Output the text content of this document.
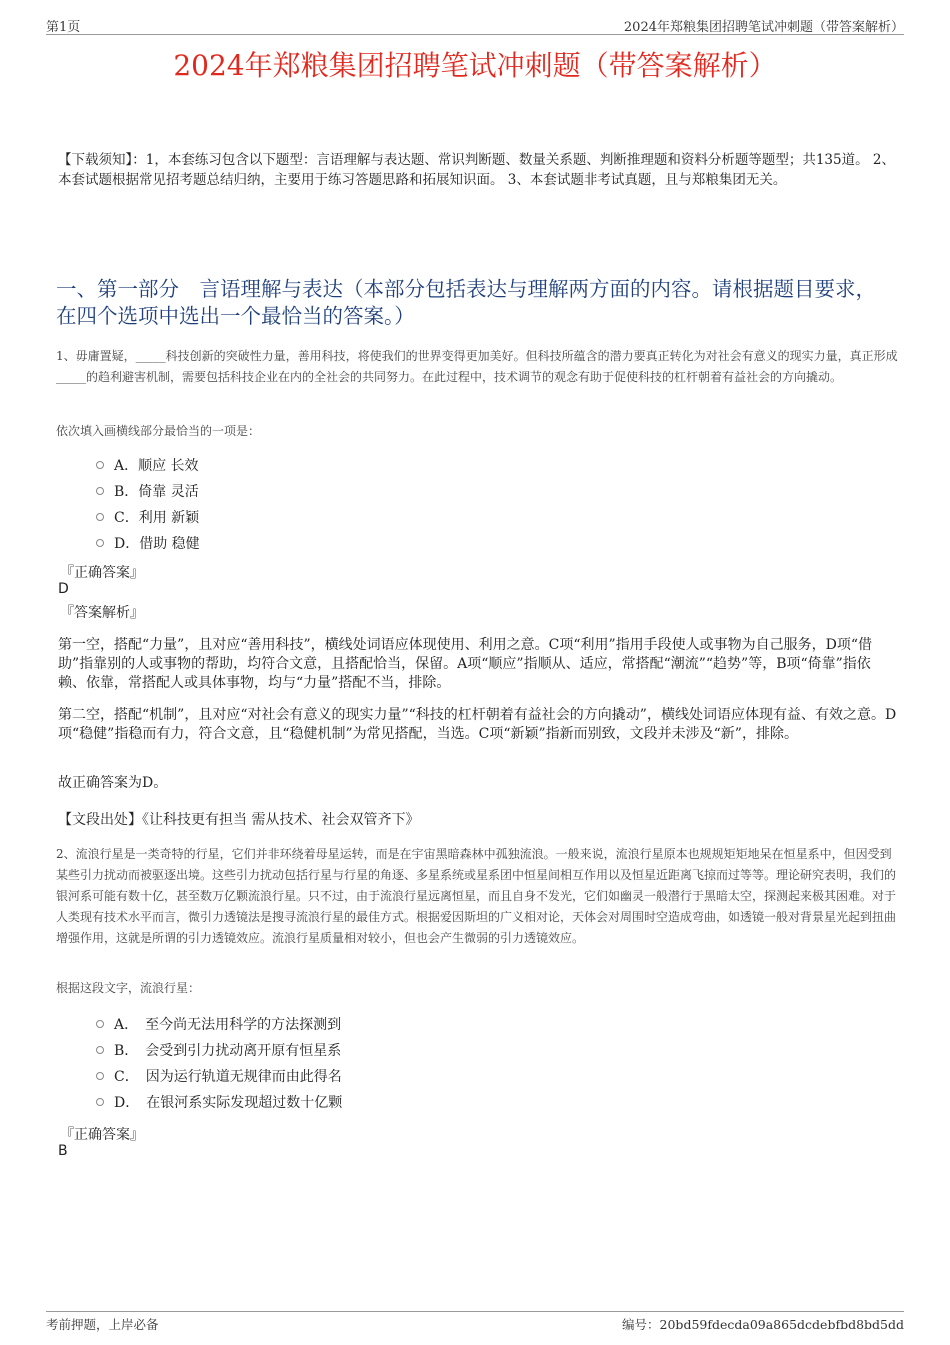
第1页	2024年郑粮集团招聘笔试冲刺题（带答案解析）
2024年郑粮集团招聘笔试冲刺题（带答案解析）
【下载须知】：1，本套练习包含以下题型：言语理解与表达题、常识判断题、数量关系题、判断推理题和资料分析题等题型；共135道。 2、本套试题根据常见招考题总结归纳，主要用于练习答题思路和拓展知识面。 3、本套试题非考试真题，且与郑粮集团无关。
一、第一部分　言语理解与表达（本部分包括表达与理解两方面的内容。请根据题目要求，在四个选项中选出一个最恰当的答案。）
1、毋庸置疑，_____科技创新的突破性力量，善用科技，将使我们的世界变得更加美好。但科技所蕴含的潜力要真正转化为对社会有意义的现实力量，真正形成_____的趋利避害机制，需要包括科技企业在内的全社会的共同努力。在此过程中，技术调节的观念有助于促使科技的杠杆朝着有益社会的方向撬动。
依次填入画横线部分最恰当的一项是：
A．顺应 长效
B．倚靠 灵活
C．利用 新颖
D．借助 稳健
『正确答案』
D
『答案解析』
第一空，搭配“力量”，且对应“善用科技”，横线处词语应体现使用、利用之意。C项“利用”指用手段使人或事物为自己服务，D项“借助”指靠别的人或事物的帮助，均符合文意，且搭配恰当，保留。A项“顺应”指顺从、适应，常搭配“潮流”“趋势”等，B项“倚靠”指依赖、依靠，常搭配人或具体事物，均与“力量”搭配不当，排除。
第二空，搭配“机制”，且对应“对社会有意义的现实力量”“科技的杠杆朝着有益社会的方向撬动”，横线处词语应体现有益、有效之意。D项“稳健”指稳而有力，符合文意，且“稳健机制”为常见搭配，当选。C项“新颖”指新而别致，文段并未涉及“新”，排除。
故正确答案为D。
【文段出处】《让科技更有担当 需从技术、社会双管齐下》
2、流浪行星是一类奇特的行星，它们并非环绕着母星运转，而是在宇宙黑暗森林中孤独流浪。一般来说，流浪行星原本也规规矩矩地呆在恒星系中，但因受到某些引力扰动而被驱逐出境。这些引力扰动包括行星与行星的角逐、多星系统或星系团中恒星间相互作用以及恒星近距离飞掠而过等等。理论研究表明，我们的银河系可能有数十亿，甚至数万亿颗流浪行星。只不过，由于流浪行星远离恒星，而且自身不发光，它们如幽灵一般潜行于黑暗太空，探测起来极其困难。对于人类现有技术水平而言，微引力透镜法是搜寻流浪行星的最佳方式。根据爱因斯坦的广义相对论，天体会对周围时空造成弯曲，如透镜一般对背景星光起到扭曲增强作用，这就是所谓的引力透镜效应。流浪行星质量相对较小，但也会产生微弱的引力透镜效应。
根据这段文字，流浪行星：
A．　至今尚无法用科学的方法探测到
B．　会受到引力扰动离开原有恒星系
C．　因为运行轨道无规律而由此得名
D．　在银河系实际发现超过数十亿颗
『正确答案』
B
考前押题，上岸必备	编号：20bd59fdecda09a865dcdebfbd8bd5dd
